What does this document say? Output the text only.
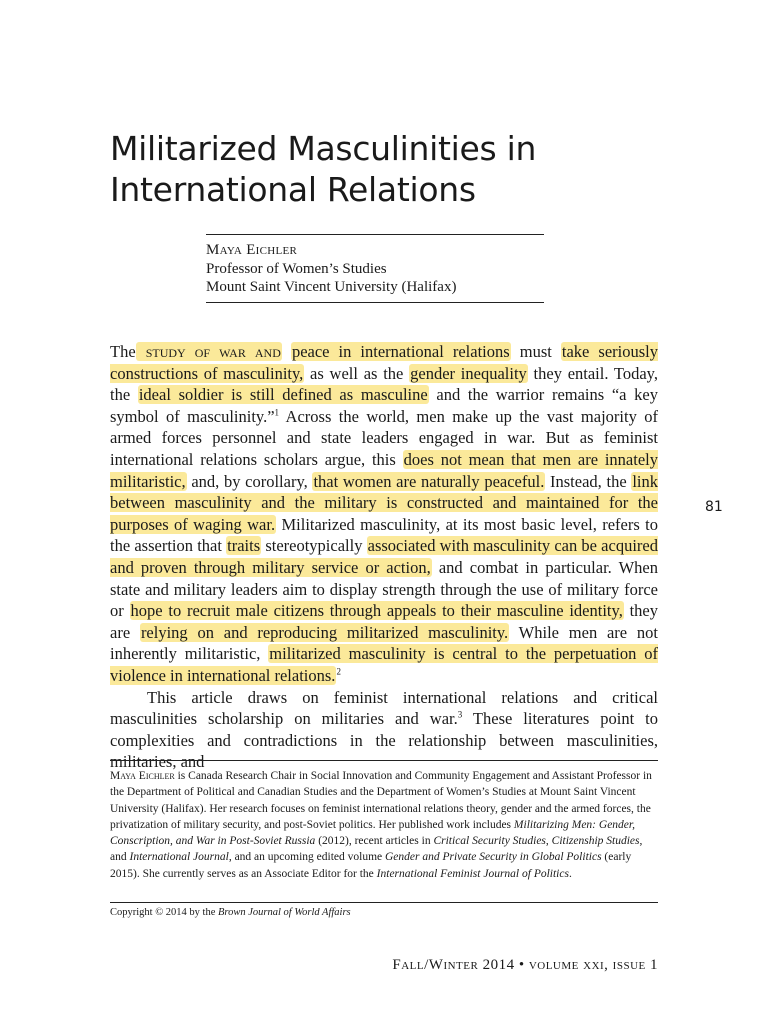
Militarized Masculinities in International Relations
Maya Eichler
Professor of Women’s Studies
Mount Saint Vincent University (Halifax)

The study of war and peace in international relations must take seriously constructions of masculinity, as well as the gender inequality they entail. Today, the ideal soldier is still defined as masculine and the warrior remains “a key symbol of masculinity.”$^1$ Across the world, men make up the vast majority of armed forces personnel and state leaders engaged in war. But as feminist international relations scholars argue, this does not mean that men are innately militaristic, and, by corollary, that women are naturally peaceful. Instead, the link between masculinity and the military is constructed and maintained for the purposes of waging war. Militarized masculinity, at its most basic level, refers to the assertion that traits stereotypically associated with masculinity can be acquired and proven through military service or action, and combat in particular. When state and military leaders aim to display strength through the use of military force or hope to recruit male citizens through appeals to their masculine identity, they are relying on and reproducing militarized masculinity. While men are not inherently militaristic, militarized masculinity is central to the perpetuation of violence in international relations.$^2$

This article draws on feminist international relations and critical masculinities scholarship on militaries and war.$^3$ These literatures point to complexities and contradictions in the relationship between masculinities, militaries, and

81

Maya Eichler is Canada Research Chair in Social Innovation and Community Engagement and Assistant Professor in the Department of Political and Canadian Studies and the Department of Women’s Studies at Mount Saint Vincent University (Halifax). Her research focuses on feminist international relations theory, gender and the armed forces, the privatization of military security, and post-Soviet politics. Her published work includes Militarizing Men: Gender, Conscription, and War in Post-Soviet Russia (2012), recent articles in Critical Security Studies, Citizenship Studies, and International Journal, and an upcoming edited volume Gender and Private Security in Global Politics (early 2015). She currently serves as an Associate Editor for the International Feminist Journal of Politics.

Copyright © 2014 by the Brown Journal of World Affairs
Fall/Winter 2014 • volume xxi, issue 1
